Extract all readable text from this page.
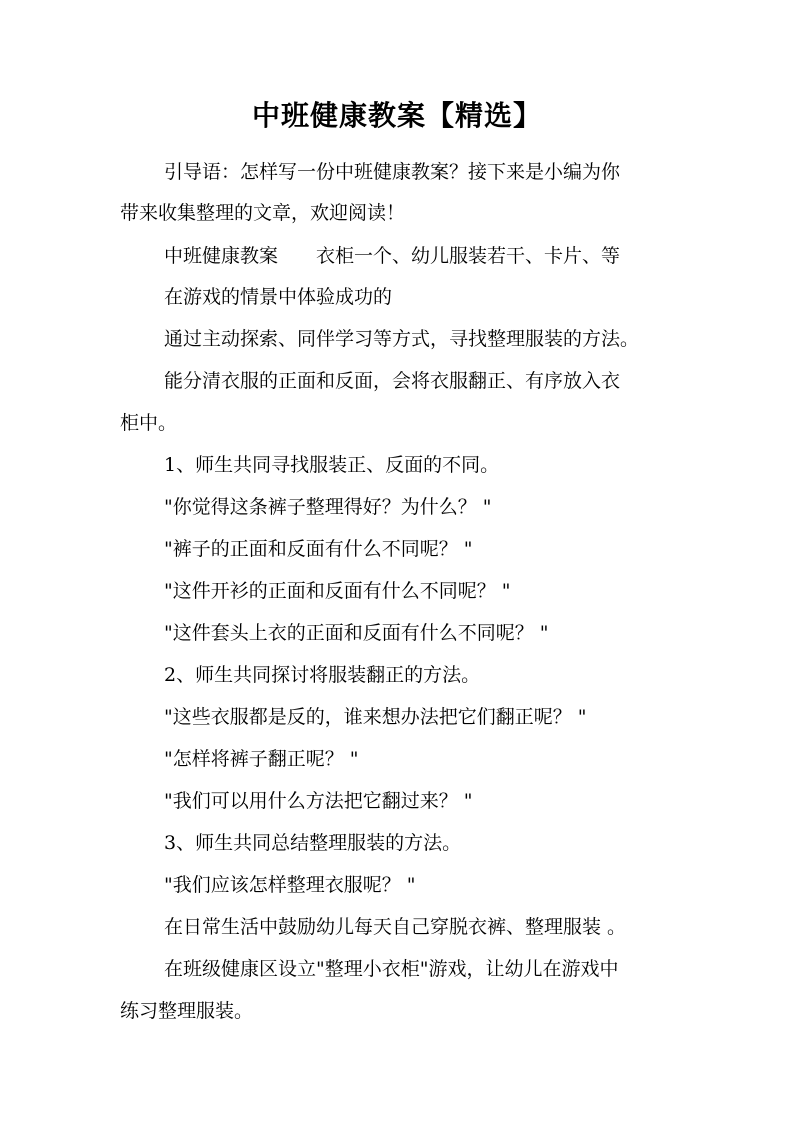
中班健康教案【精选】
引导语：怎样写一份中班健康教案？接下来是小编为你
带来收集整理的文章，欢迎阅读！
中班健康教案　　衣柜一个、幼儿服装若干、卡片、等
在游戏的情景中体验成功的
通过主动探索、同伴学习等方式，寻找整理服装的方法。
能分清衣服的正面和反面，会将衣服翻正、有序放入衣
柜中。
1、师生共同寻找服装正、反面的不同。
"你觉得这条裤子整理得好？为什么？ "
"裤子的正面和反面有什么不同呢？ "
"这件开衫的正面和反面有什么不同呢？ "
"这件套头上衣的正面和反面有什么不同呢？ "
2、师生共同探讨将服装翻正的方法。
"这些衣服都是反的，谁来想办法把它们翻正呢？ "
"怎样将裤子翻正呢？ "
"我们可以用什么方法把它翻过来？ "
3、师生共同总结整理服装的方法。
"我们应该怎样整理衣服呢？ "
在日常生活中鼓励幼儿每天自己穿脱衣裤、整理服装 。
在班级健康区设立"整理小衣柜"游戏，让幼儿在游戏中
练习整理服装。
